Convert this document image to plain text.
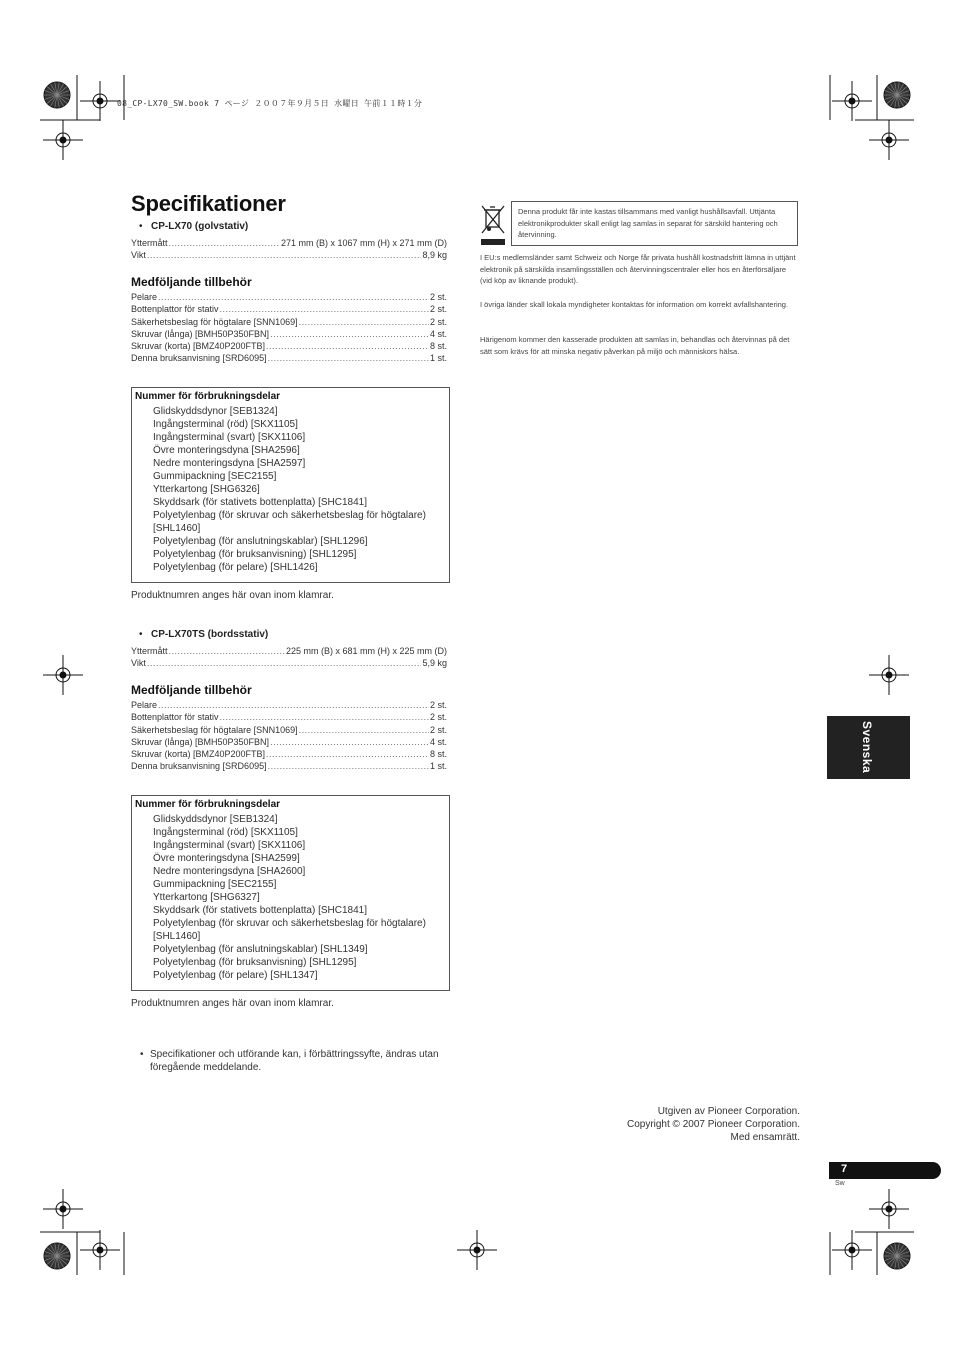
08_CP-LX70_SW.book 7 ページ ２００７年９月５日 水曜日 午前１１時１分
Specifikationer
• CP-LX70 (golvstativ)
Yttermått .....	271 mm (B) x 1067 mm (H) x 271 mm (D)
Vikt .....	8,9 kg
Medföljande tillbehör
Pelare .....	2 st.
Bottenplattor för stativ .....	2 st.
Säkerhetsbeslag för högtalare [SNN1069] .....	2 st.
Skruvar (långa) [BMH50P350FBN] .....	4 st.
Skruvar (korta) [BMZ40P200FTB] .....	8 st.
Denna bruksanvisning [SRD6095] .....	1 st.
Nummer för förbrukningsdelar
Glidskyddsdynor [SEB1324]
Ingångsterminal (röd) [SKX1105]
Ingångsterminal (svart) [SKX1106]
Övre monteringsdyna [SHA2596]
Nedre monteringsdyna [SHA2597]
Gummipackning [SEC2155]
Ytterkartong [SHG6326]
Skyddsark (för stativets bottenplatta) [SHC1841]
Polyetylenbag (för skruvar och säkerhetsbeslag för högtalare)
[SHL1460]
Polyetylenbag (för anslutningskablar) [SHL1296]
Polyetylenbag (för bruksanvisning) [SHL1295]
Polyetylenbag (för pelare) [SHL1426]
Produktnumren anges här ovan inom klamrar.
• CP-LX70TS (bordsstativ)
Yttermått .....	225 mm (B) x 681 mm (H) x 225 mm (D)
Vikt .....	5,9 kg
Medföljande tillbehör
Pelare .....	2 st.
Bottenplattor för stativ .....	2 st.
Säkerhetsbeslag för högtalare [SNN1069] .....	2 st.
Skruvar (långa) [BMH50P350FBN] .....	4 st.
Skruvar (korta) [BMZ40P200FTB] .....	8 st.
Denna bruksanvisning [SRD6095] .....	1 st.
Nummer för förbrukningsdelar
Glidskyddsdynor [SEB1324]
Ingångsterminal (röd) [SKX1105]
Ingångsterminal (svart) [SKX1106]
Övre monteringsdyna [SHA2599]
Nedre monteringsdyna [SHA2600]
Gummipackning [SEC2155]
Ytterkartong [SHG6327]
Skyddsark (för stativets bottenplatta) [SHC1841]
Polyetylenbag (för skruvar och säkerhetsbeslag för högtalare)
[SHL1460]
Polyetylenbag (för anslutningskablar) [SHL1349]
Polyetylenbag (för bruksanvisning) [SHL1295]
Polyetylenbag (för pelare) [SHL1347]
Produktnumren anges här ovan inom klamrar.
• Specifikationer och utförande kan, i förbättringssyfte, ändras utan föregående meddelande.
Utgiven av Pioneer Corporation.
Copyright © 2007 Pioneer Corporation.
Med ensamrätt.
Denna produkt får inte kastas tillsammans med vanligt hushållsavfall. Uttjänta elektronikprodukter skall enligt lag samlas in separat för särskild hantering och återvinning.
I EU:s medlemsländer samt Schweiz och Norge får privata hushåll kostnadsfritt lämna in uttjänt elektronik på särskilda insamlingsställen och återvinningscentraler eller hos en återförsäljare (vid köp av liknande produkt).
I övriga länder skall lokala myndigheter kontaktas för information om korrekt avfallshantering.
Härigenom kommer den kasserade produkten att samlas in, behandlas och återvinnas på det sätt som krävs för att minska negativ påverkan på miljö och människors hälsa.
Svenska
7
Sw
